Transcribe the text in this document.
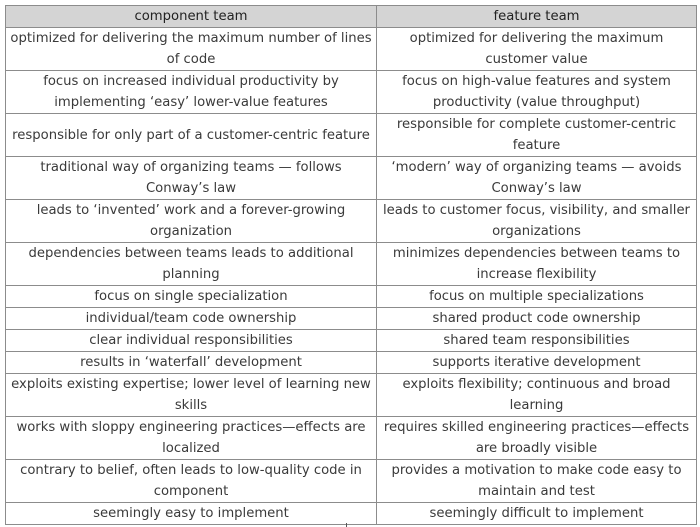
component team	feature team
optimized for delivering the maximum number of lines of code	optimized for delivering the maximum customer value
focus on increased individual productivity by implementing ‘easy’ lower-value features	focus on high-value features and system productivity (value throughput)
responsible for only part of a customer-centric feature	responsible for complete customer-centric feature
traditional way of organizing teams — follows Conway’s law	‘modern’ way of organizing teams — avoids Conway’s law
leads to ‘invented’ work and a forever-growing organization	leads to customer focus, visibility, and smaller organizations
dependencies between teams leads to additional planning	minimizes dependencies between teams to increase flexibility
focus on single specialization	focus on multiple specializations
individual/team code ownership	shared product code ownership
clear individual responsibilities	shared team responsibilities
results in ‘waterfall’ development	supports iterative development
exploits existing expertise; lower level of learning new skills	exploits flexibility; continuous and broad learning
works with sloppy engineering practices—effects are localized	requires skilled engineering practices—effects are broadly visible
contrary to belief, often leads to low-quality code in component	provides a motivation to make code easy to maintain and test
seemingly easy to implement	seemingly difficult to implement
